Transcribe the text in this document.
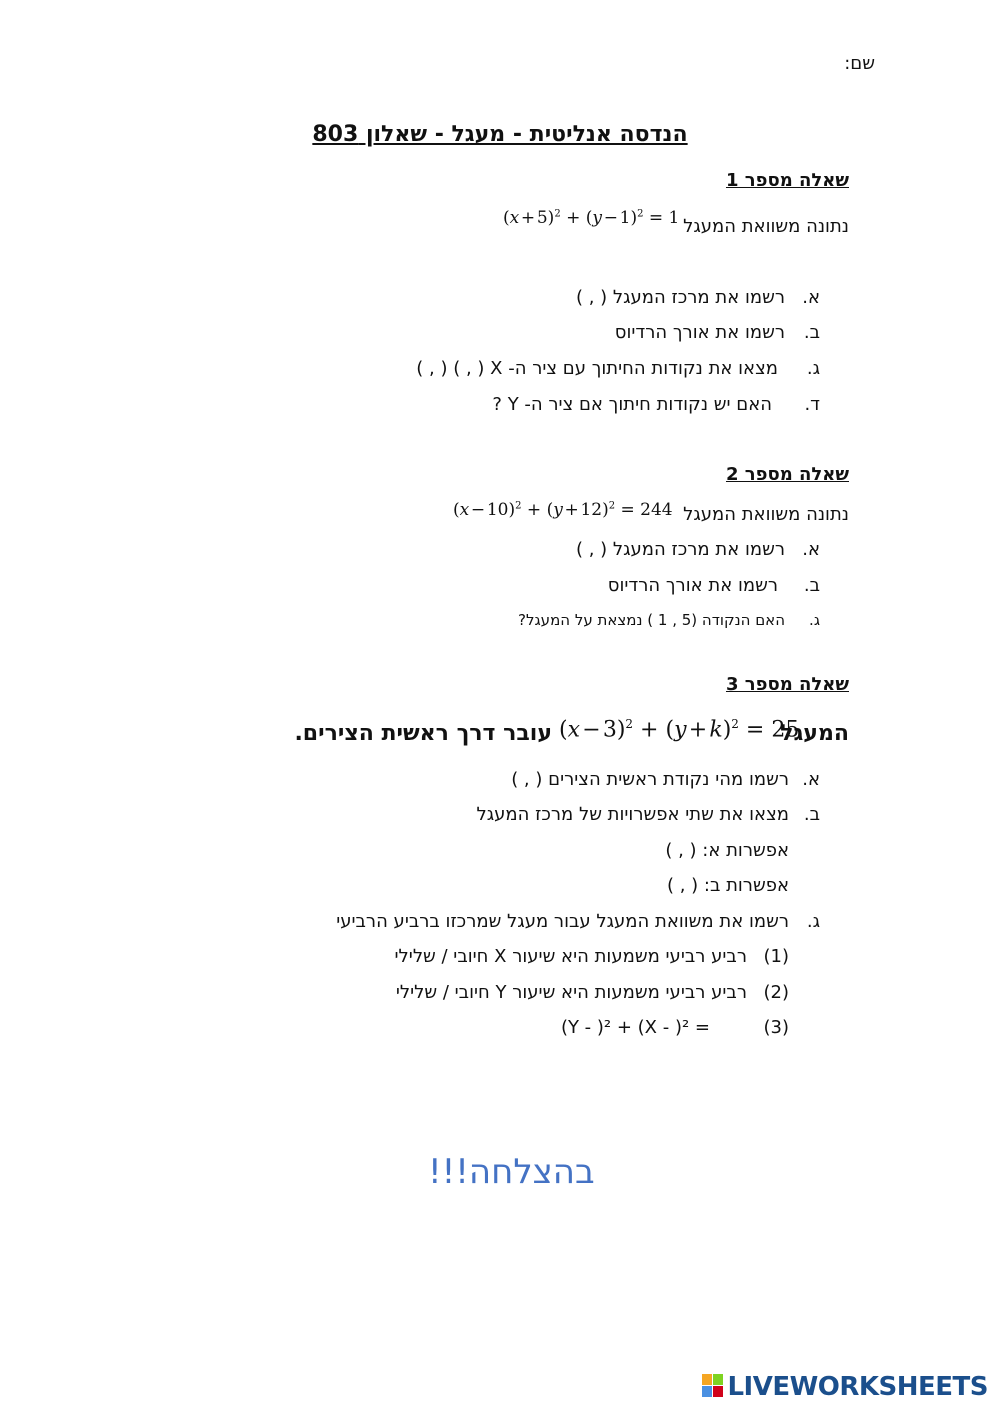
שם:
הנדסה אנליטית - מעגל - שאלון 803
שאלה מספר 1
נתונה משוואת המעגל
(x + 5)$^2$ + (y − 1)$^2$ = 1
א.
רשמו את מרכז המעגל ( , )
ב.
רשמו את אורך הרדיוס
ג.
מצאו את נקודות החיתוך עם ציר ה- X ( , ) ( , )
ד.
האם יש נקודות חיתוך אם ציר ה- Y ?
שאלה מספר 2
נתונה משוואת המעגל
(x − 10)$^2$ + (y + 12)$^2$ = 244
א.
רשמו את מרכז המעגל ( , )
ב.
רשמו את אורך הרדיוס
ג.
האם הנקודה (5 , 1 ) נמצאת על המעגל?
שאלה מספר 3
המעגל
(x − 3)$^2$ + (y + k)$^2$ = 25
עובר דרך ראשית הצירים.
א.
רשמו מהי נקודת ראשית הצירים ( , )
ב.
מצאו את שתי אפשרויות של מרכז המעגל
אפשרות א: ( , )
אפשרות ב: ( , )
ג.
רשמו את משוואת המעגל עבור מעגל שמרכזו ברביע הרביעי
(1)
רביע רביעי משמעות היא שיעור X חיובי / שלילי
(2)
רביע רביעי משמעות היא שיעור Y חיובי / שלילי
(3)
(Y - )² + (X - )² =
בהצלחה!!!
LIVEWORKSHEETS
